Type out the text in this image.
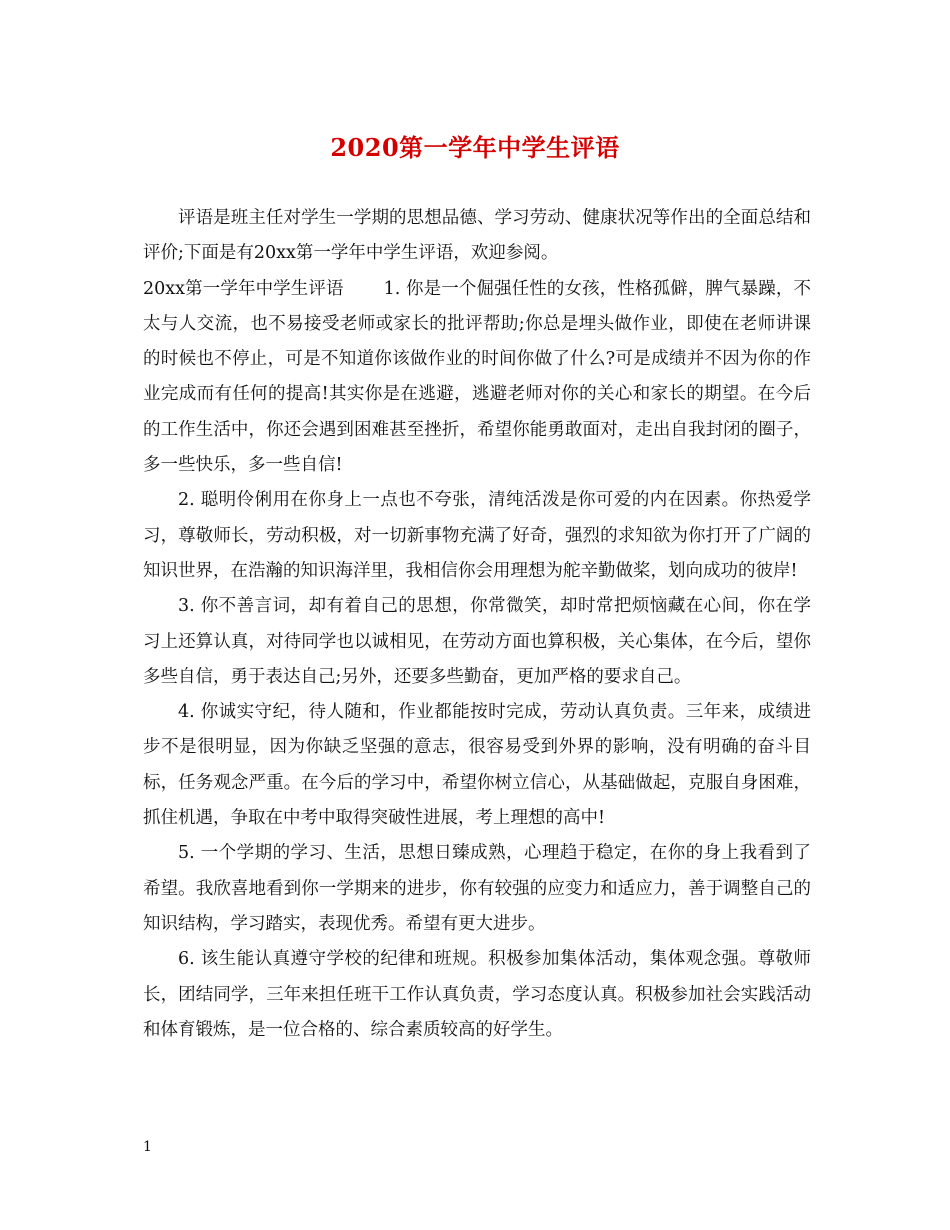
2020第一学年中学生评语

评语是班主任对学生一学期的思想品德、学习劳动、健康状况等作出的全面总结和评价;下面是有20xx第一学年中学生评语，欢迎参阅。

20xx第一学年中学生评语 1. 你是一个倔强任性的女孩，性格孤僻，脾气暴躁，不太与人交流，也不易接受老师或家长的批评帮助;你总是埋头做作业，即使在老师讲课的时候也不停止，可是不知道你该做作业的时间你做了什么?可是成绩并不因为你的作业完成而有任何的提高!其实你是在逃避，逃避老师对你的关心和家长的期望。在今后的工作生活中，你还会遇到困难甚至挫折，希望你能勇敢面对，走出自我封闭的圈子，多一些快乐，多一些自信!

2. 聪明伶俐用在你身上一点也不夸张，清纯活泼是你可爱的内在因素。你热爱学习，尊敬师长，劳动积极，对一切新事物充满了好奇，强烈的求知欲为你打开了广阔的知识世界，在浩瀚的知识海洋里，我相信你会用理想为舵辛勤做桨，划向成功的彼岸!

3. 你不善言词，却有着自己的思想，你常微笑，却时常把烦恼藏在心间，你在学习上还算认真，对待同学也以诚相见，在劳动方面也算积极，关心集体，在今后，望你多些自信，勇于表达自己;另外，还要多些勤奋，更加严格的要求自己。

4. 你诚实守纪，待人随和，作业都能按时完成，劳动认真负责。三年来，成绩进步不是很明显，因为你缺乏坚强的意志，很容易受到外界的影响，没有明确的奋斗目标，任务观念严重。在今后的学习中，希望你树立信心，从基础做起，克服自身困难，抓住机遇，争取在中考中取得突破性进展，考上理想的高中!

5. 一个学期的学习、生活，思想日臻成熟，心理趋于稳定，在你的身上我看到了希望。我欣喜地看到你一学期来的进步，你有较强的应变力和适应力，善于调整自己的知识结构，学习踏实，表现优秀。希望有更大进步。

6. 该生能认真遵守学校的纪律和班规。积极参加集体活动，集体观念强。尊敬师长，团结同学，三年来担任班干工作认真负责，学习态度认真。积极参加社会实践活动和体育锻炼，是一位合格的、综合素质较高的好学生。

1
